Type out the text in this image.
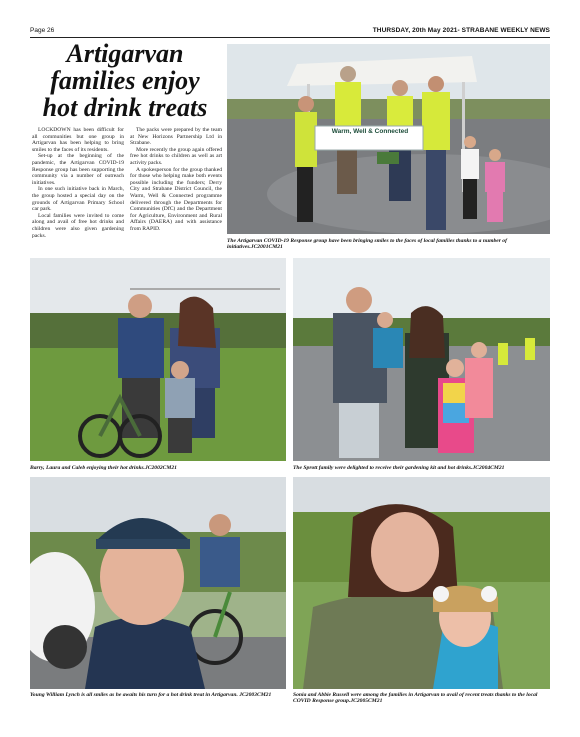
Page 26	THURSDAY, 20th May 2021- STRABANE WEEKLY NEWS
Artigarvan families enjoy hot drink treats

LOCKDOWN has been difficult for all communities but one group in Artigarvan has been helping to bring smiles to the faces of its residents.

Set-up at the beginning of the pandemic, the Artigarvan COVID-19 Response group has been supporting the community via a number of outreach initiatives.

In one such initiative back in March, the group hosted a special day on the grounds of Artigarvan Primary School car park.

Local families were invited to come along and avail of free hot drinks and children were also given gardening packs.

The packs were prepared by the team at New Horizons Partnership Ltd in Strabane.

More recently the group again offered free hot drinks to children as well as art activity packs.

A spokesperson for the group thanked for those who helping make both events possible including the funders; Derry City and Strabane District Council, the Warm, Well & Connected programme delivered through the Departments for Communities (DfC) and the Department for Agriculture, Environment and Rural Affairs (DAERA) and with assistance from RAPID.

Warm, Well & Connected
The Artigarvan COVID-19 Response group have been bringing smiles to the faces of local families thanks to a number of initiatives.JC2001CM21
Barry, Laura and Caleb enjoying their hot drinks.JC2002CM21	The Sprott family were delighted to receive their gardening kit and hot drinks.JC2004CM21
Young William Lynch is all smiles as he awaits his turn for a hot drink treat in Artigarvan. JC2003CM21	Sonia and Abbie Russell were among the families in Artigarvan to avail of recent treats thanks to the local COVID Response group.JC2005CM21
